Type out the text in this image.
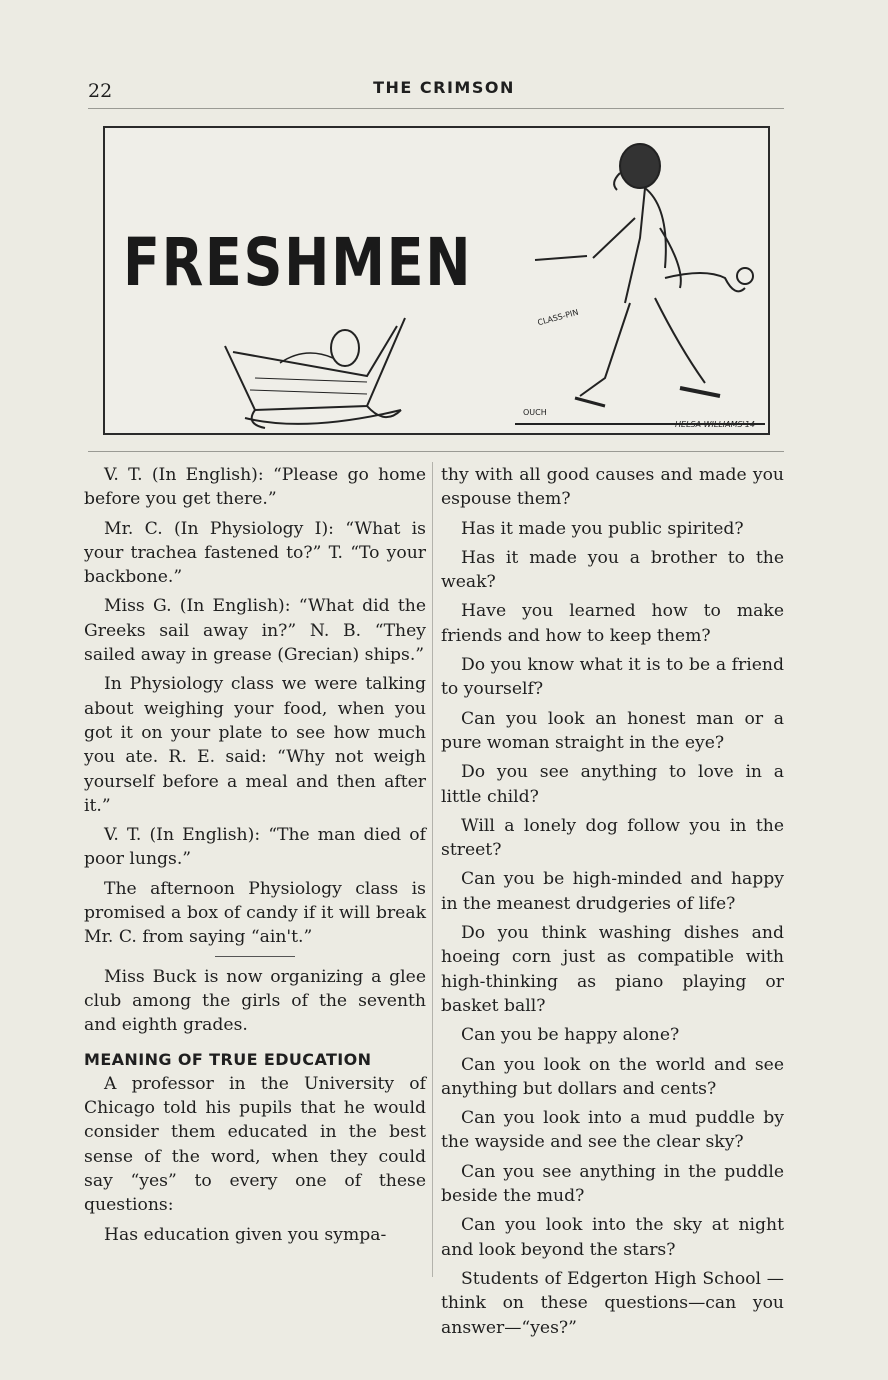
22	THE CRIMSON
FRESHMEN
CLASS-PIN
OUCH
HELSA·WILLIAMS'14

V. T. (In English): “Please go home before you get there.”

Mr. C. (In Physiology I): “What is your trachea fastened to?” T. “To your backbone.”

Miss G. (In English): “What did the Greeks sail away in?” N. B. “They sailed away in grease (Grecian) ships.”

In Physiology class we were talking about weighing your food, when you got it on your plate to see how much you ate. R. E. said: “Why not weigh yourself before a meal and then after it.”

V. T. (In English): “The man died of poor lungs.”

The afternoon Physiology class is promised a box of candy if it will break Mr. C. from saying “ain't.”

Miss Buck is now organizing a glee club among the girls of the seventh and eighth grades.

MEANING OF TRUE EDUCATION

A professor in the University of Chicago told his pupils that he would consider them educated in the best sense of the word, when they could say “yes” to every one of these questions:

Has education given you sympa-

thy with all good causes and made you espouse them?

Has it made you public spirited?

Has it made you a brother to the weak?

Have you learned how to make friends and how to keep them?

Do you know what it is to be a friend to yourself?

Can you look an honest man or a pure woman straight in the eye?

Do you see anything to love in a little child?

Will a lonely dog follow you in the street?

Can you be high-minded and happy in the meanest drudgeries of life?

Do you think washing dishes and hoeing corn just as compatible with high-thinking as piano playing or basket ball?

Can you be happy alone?

Can you look on the world and see anything but dollars and cents?

Can you look into a mud puddle by the wayside and see the clear sky?

Can you see anything in the puddle beside the mud?

Can you look into the sky at night and look beyond the stars?

Students of Edgerton High School —think on these questions—can you answer—“yes?”
